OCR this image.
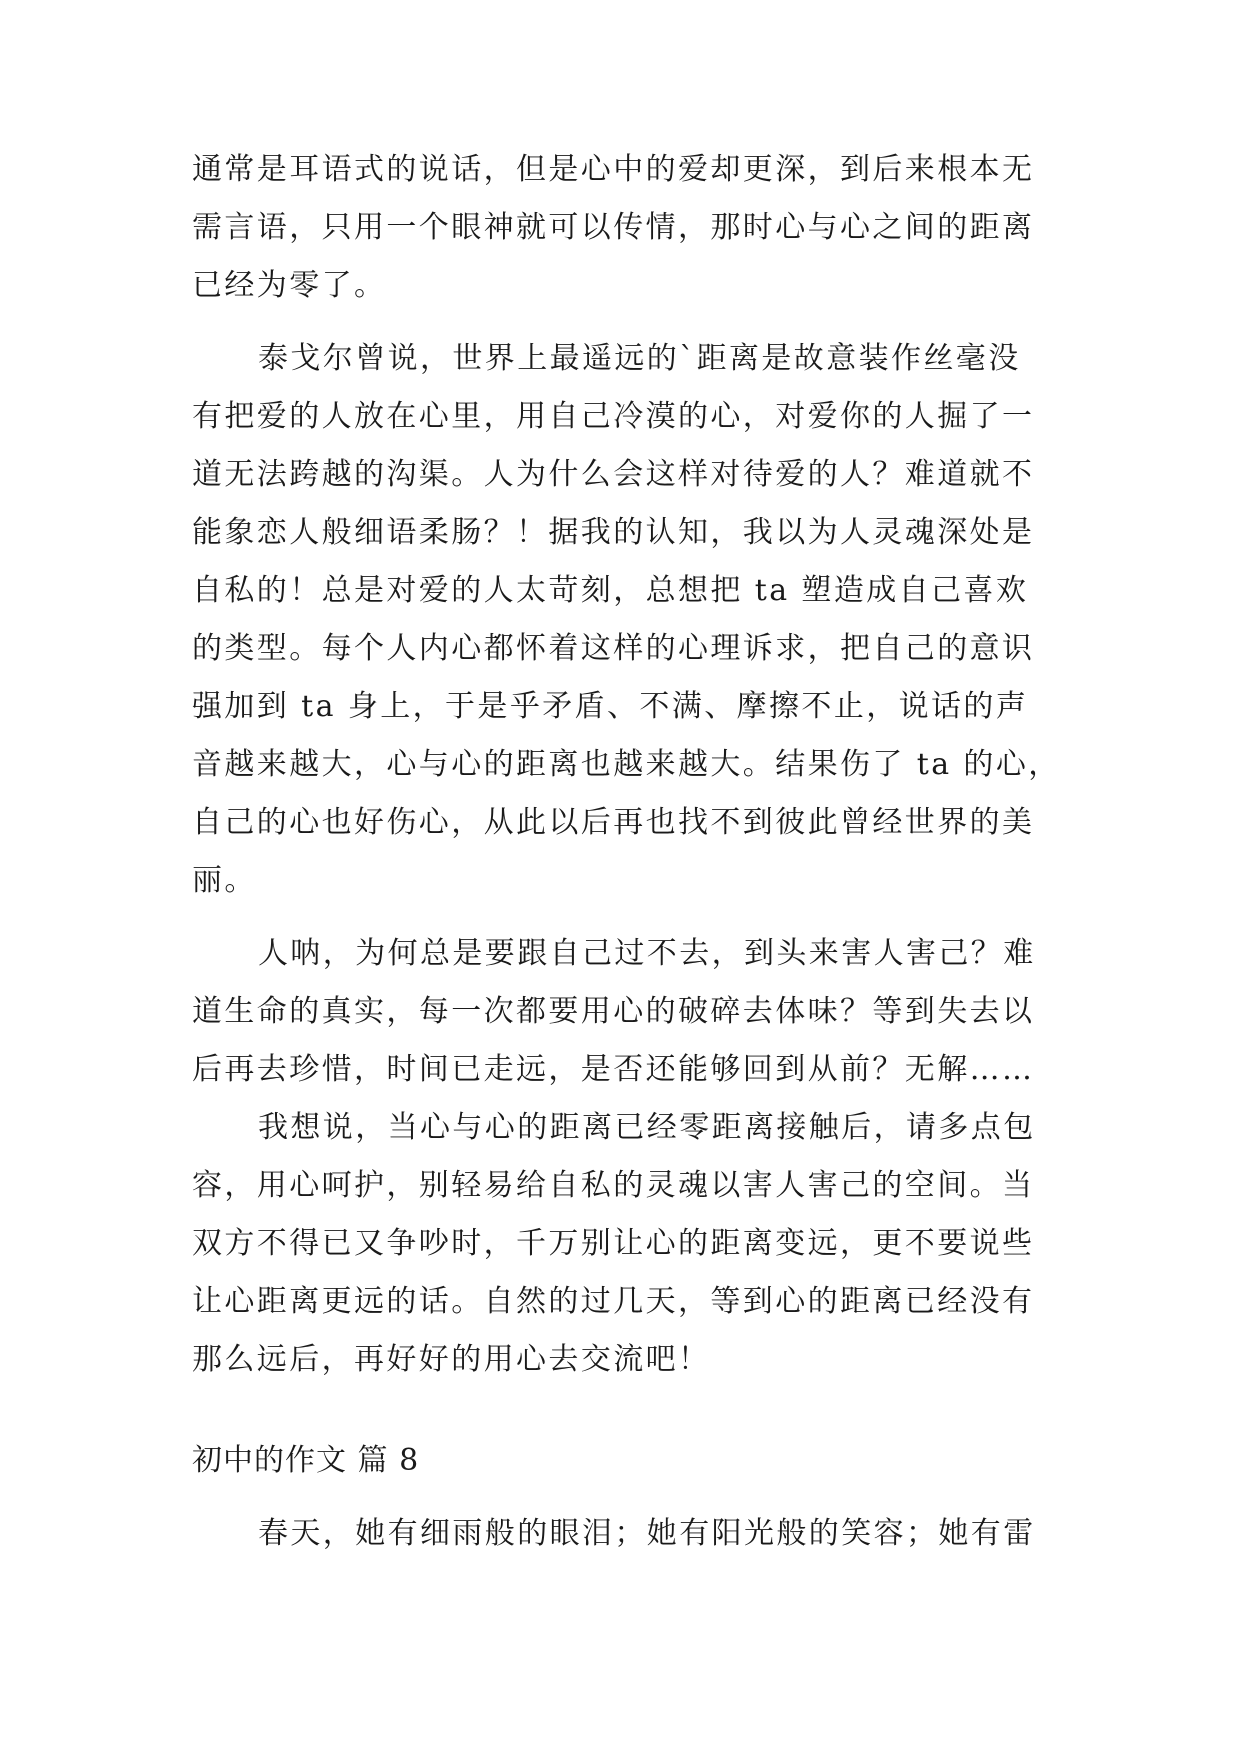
通常是耳语式的说话，但是心中的爱却更深，到后来根本无
需言语，只用一个眼神就可以传情，那时心与心之间的距离
已经为零了。
泰戈尔曾说，世界上最遥远的`距离是故意装作丝毫没
有把爱的人放在心里，用自己冷漠的心，对爱你的人掘了一
道无法跨越的沟渠。人为什么会这样对待爱的人？难道就不
能象恋人般细语柔肠？！据我的认知，我以为人灵魂深处是
自私的！总是对爱的人太苛刻，总想把 ta 塑造成自己喜欢
的类型。每个人内心都怀着这样的心理诉求，把自己的意识
强加到 ta 身上，于是乎矛盾、不满、摩擦不止，说话的声
音越来越大，心与心的距离也越来越大。结果伤了 ta 的心，
自己的心也好伤心，从此以后再也找不到彼此曾经世界的美
丽。
人呐，为何总是要跟自己过不去，到头来害人害己？难
道生命的真实，每一次都要用心的破碎去体味？等到失去以
后再去珍惜，时间已走远，是否还能够回到从前？无解……
我想说，当心与心的距离已经零距离接触后，请多点包
容，用心呵护，别轻易给自私的灵魂以害人害己的空间。当
双方不得已又争吵时，千万别让心的距离变远，更不要说些
让心距离更远的话。自然的过几天，等到心的距离已经没有
那么远后，再好好的用心去交流吧！
初中的作文 篇 8
春天，她有细雨般的眼泪；她有阳光般的笑容；她有雷
